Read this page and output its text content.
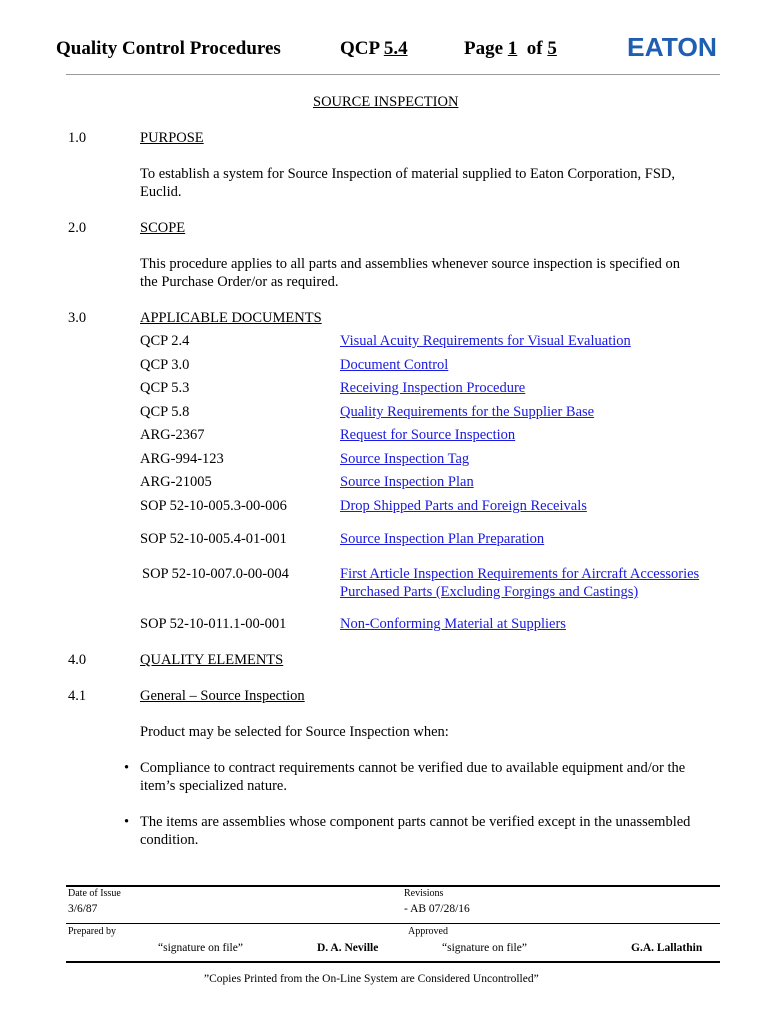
Quality Control Procedures	QCP 5.4	Page 1 of 5	EATON
SOURCE INSPECTION
1.0	PURPOSE
To establish a system for Source Inspection of material supplied to Eaton Corporation, FSD,
Euclid.
2.0	SCOPE
This procedure applies to all parts and assemblies whenever source inspection is specified on
the Purchase Order/or as required.
3.0	APPLICABLE DOCUMENTS
QCP 2.4	Visual Acuity Requirements for Visual Evaluation
QCP 3.0	Document Control
QCP 5.3	Receiving Inspection Procedure
QCP 5.8	Quality Requirements for the Supplier Base
ARG-2367	Request for Source Inspection
ARG-994-123	Source Inspection Tag
ARG-21005	Source Inspection Plan
SOP 52-10-005.3-00-006	Drop Shipped Parts and Foreign Receivals
SOP 52-10-005.4-01-001	Source Inspection Plan Preparation
SOP 52-10-007.0-00-004	First Article Inspection Requirements for Aircraft Accessories
Purchased Parts (Excluding Forgings and Castings)
SOP 52-10-011.1-00-001	Non-Conforming Material at Suppliers
4.0	QUALITY ELEMENTS
4.1	General – Source Inspection
Product may be selected for Source Inspection when:
• Compliance to contract requirements cannot be verified due to available equipment and/or the
item’s specialized nature.
• The items are assemblies whose component parts cannot be verified except in the unassembled
condition.
Date of Issue	Revisions
3/6/87	- AB 07/28/16
Prepared by	Approved
“signature on file”	D. A. Neville	“signature on file”	G.A. Lallathin
”Copies Printed from the On-Line System are Considered Uncontrolled”
